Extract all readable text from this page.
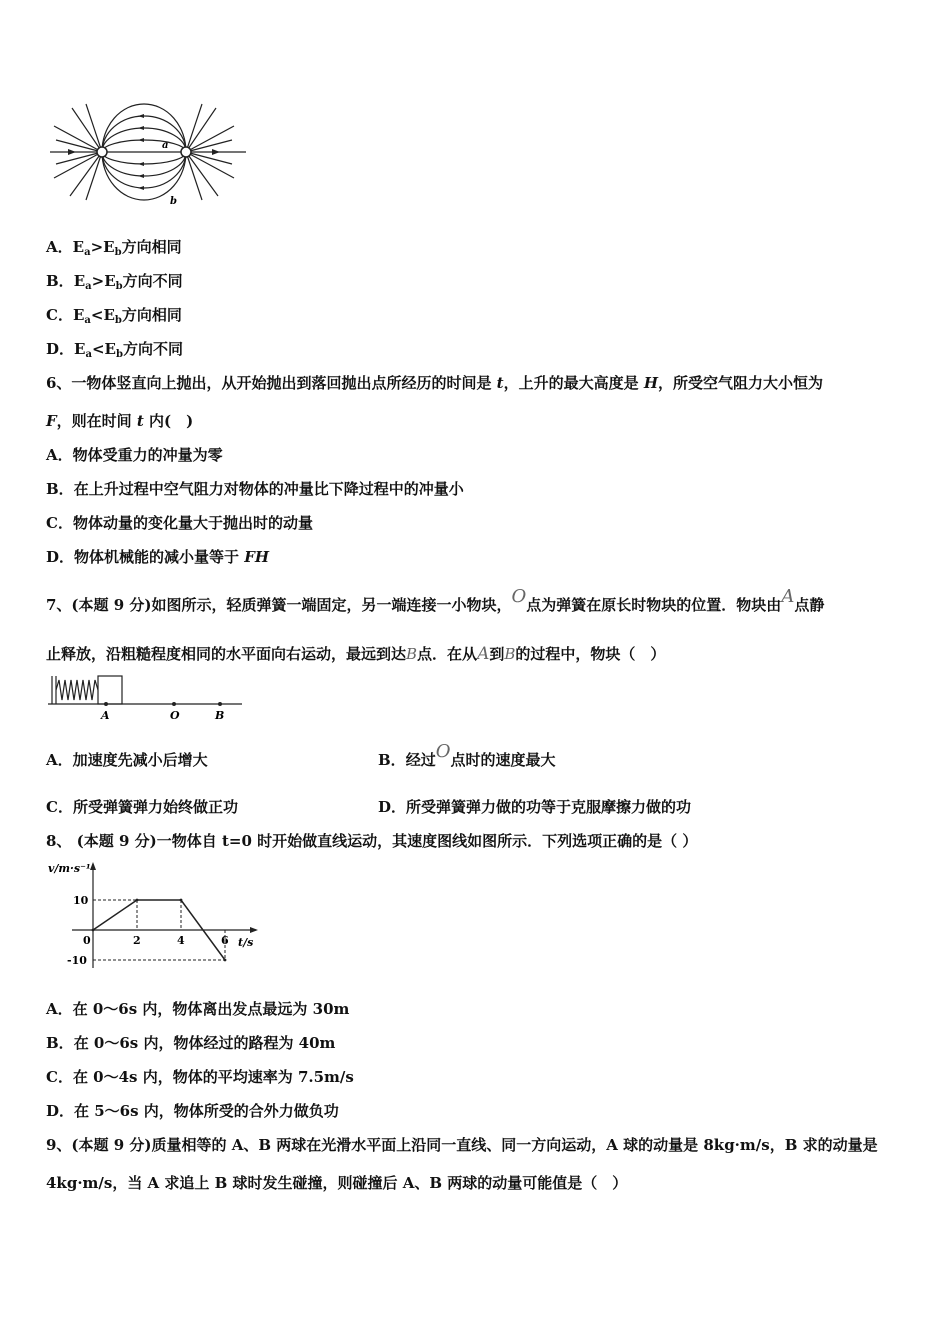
a
b
A．$E_a>E_b$方向相同
B．$E_a>E_b$方向不同
C．$E_a<E_b$方向相同
D．$E_a<E_b$方向不同
6、一物体竖直向上抛出，从开始抛出到落回抛出点所经历的时间是 t，上升的最大高度是 H，所受空气阻力大小恒为
F，则在时间 t 内(　)
A．物体受重力的冲量为零
B．在上升过程中空气阻力对物体的冲量比下降过程中的冲量小
C．物体动量的变化量大于抛出时的动量
D．物体机械能的减小量等于 FH
7、(本题 9 分)如图所示，轻质弹簧一端固定，另一端连接一小物块，O点为弹簧在原长时物块的位置．物块由A点静
止释放，沿粗糙程度相同的水平面向右运动，最远到达B点．在从A到B的过程中，物块（　）
A	O	B
A．加速度先减小后增大	B．经过O点时的速度最大
C．所受弹簧弹力始终做正功	D．所受弹簧弹力做的功等于克服摩擦力做的功
8、 (本题 9 分)一物体自 t=0 时开始做直线运动，其速度图线如图所示．下列选项正确的是（ ）
v/m·s⁻¹
t/s
0	2	4	6
10
-10
A．在 0～6s 内，物体离出发点最远为 30m
B．在 0～6s 内，物体经过的路程为 40m
C．在 0～4s 内，物体的平均速率为 7.5m/s
D．在 5～6s 内，物体所受的合外力做负功
9、(本题 9 分)质量相等的 A、B 两球在光滑水平面上沿同一直线、同一方向运动，A 球的动量是 8kg·m/s，B 求的动量是
4kg·m/s，当 A 求追上 B 球时发生碰撞，则碰撞后 A、B 两球的动量可能值是（　）
